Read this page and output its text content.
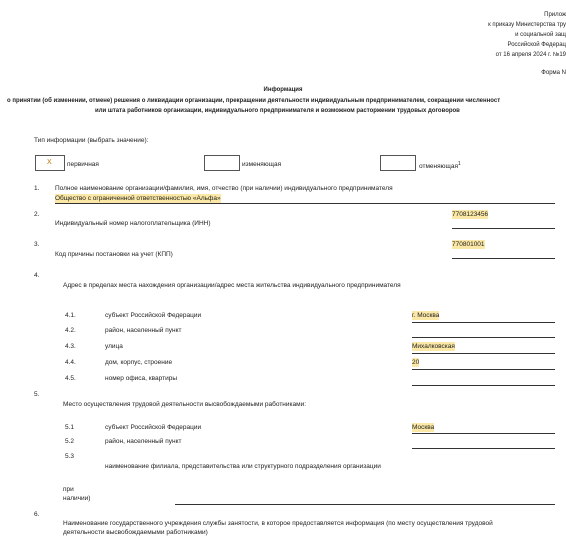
Прилож
к приказу Министерства тру
и социальной защ
Российской Федерац
от 16 апреля 2024 г. №19
Форма N
Информация
о принятии (об изменении, отмене) решения о ликвидации организации, прекращении деятельности индивидуальным предпринимателем, сокращении численност
или штата работников организации, индивидуального предпринимателя и возможном расторжении трудовых договоров
Тип информации (выбрать значение):
X первичная	изменяющая	отменяющая$^1$
1. Полное наименование организации/фамилия, имя, отчество (при наличии) индивидуального предпринимателя
Общество с ограниченной ответственностью «Альфа»
2.
Индивидуальный номер налогоплательщика (ИНН)
7708123456
3.
Код причины постановки на учет (КПП)
770801001
4.
Адрес в пределах места нахождения организации/адрес места жительства индивидуального предпринимателя
4.1.	субъект Российской Федерации	г. Москва
4.2.	район, населенный пункт
4.3.	улица	Михалковская
4.4.	дом, корпус, строение	20
4.5.	номер офиса, квартиры
5.
Место осуществления трудовой деятельности высвобождаемыми работниками:
5.1	субъект Российской Федерации	Москва
5.2	район, населенный пункт
5.3
наименование филиала, представительства или структурного подразделения организации
при
наличии)
6.
Наименование государственного учреждения службы занятости, в которое предоставляется информация (по месту осуществления трудовой
деятельности высвобождаемыми работниками)
